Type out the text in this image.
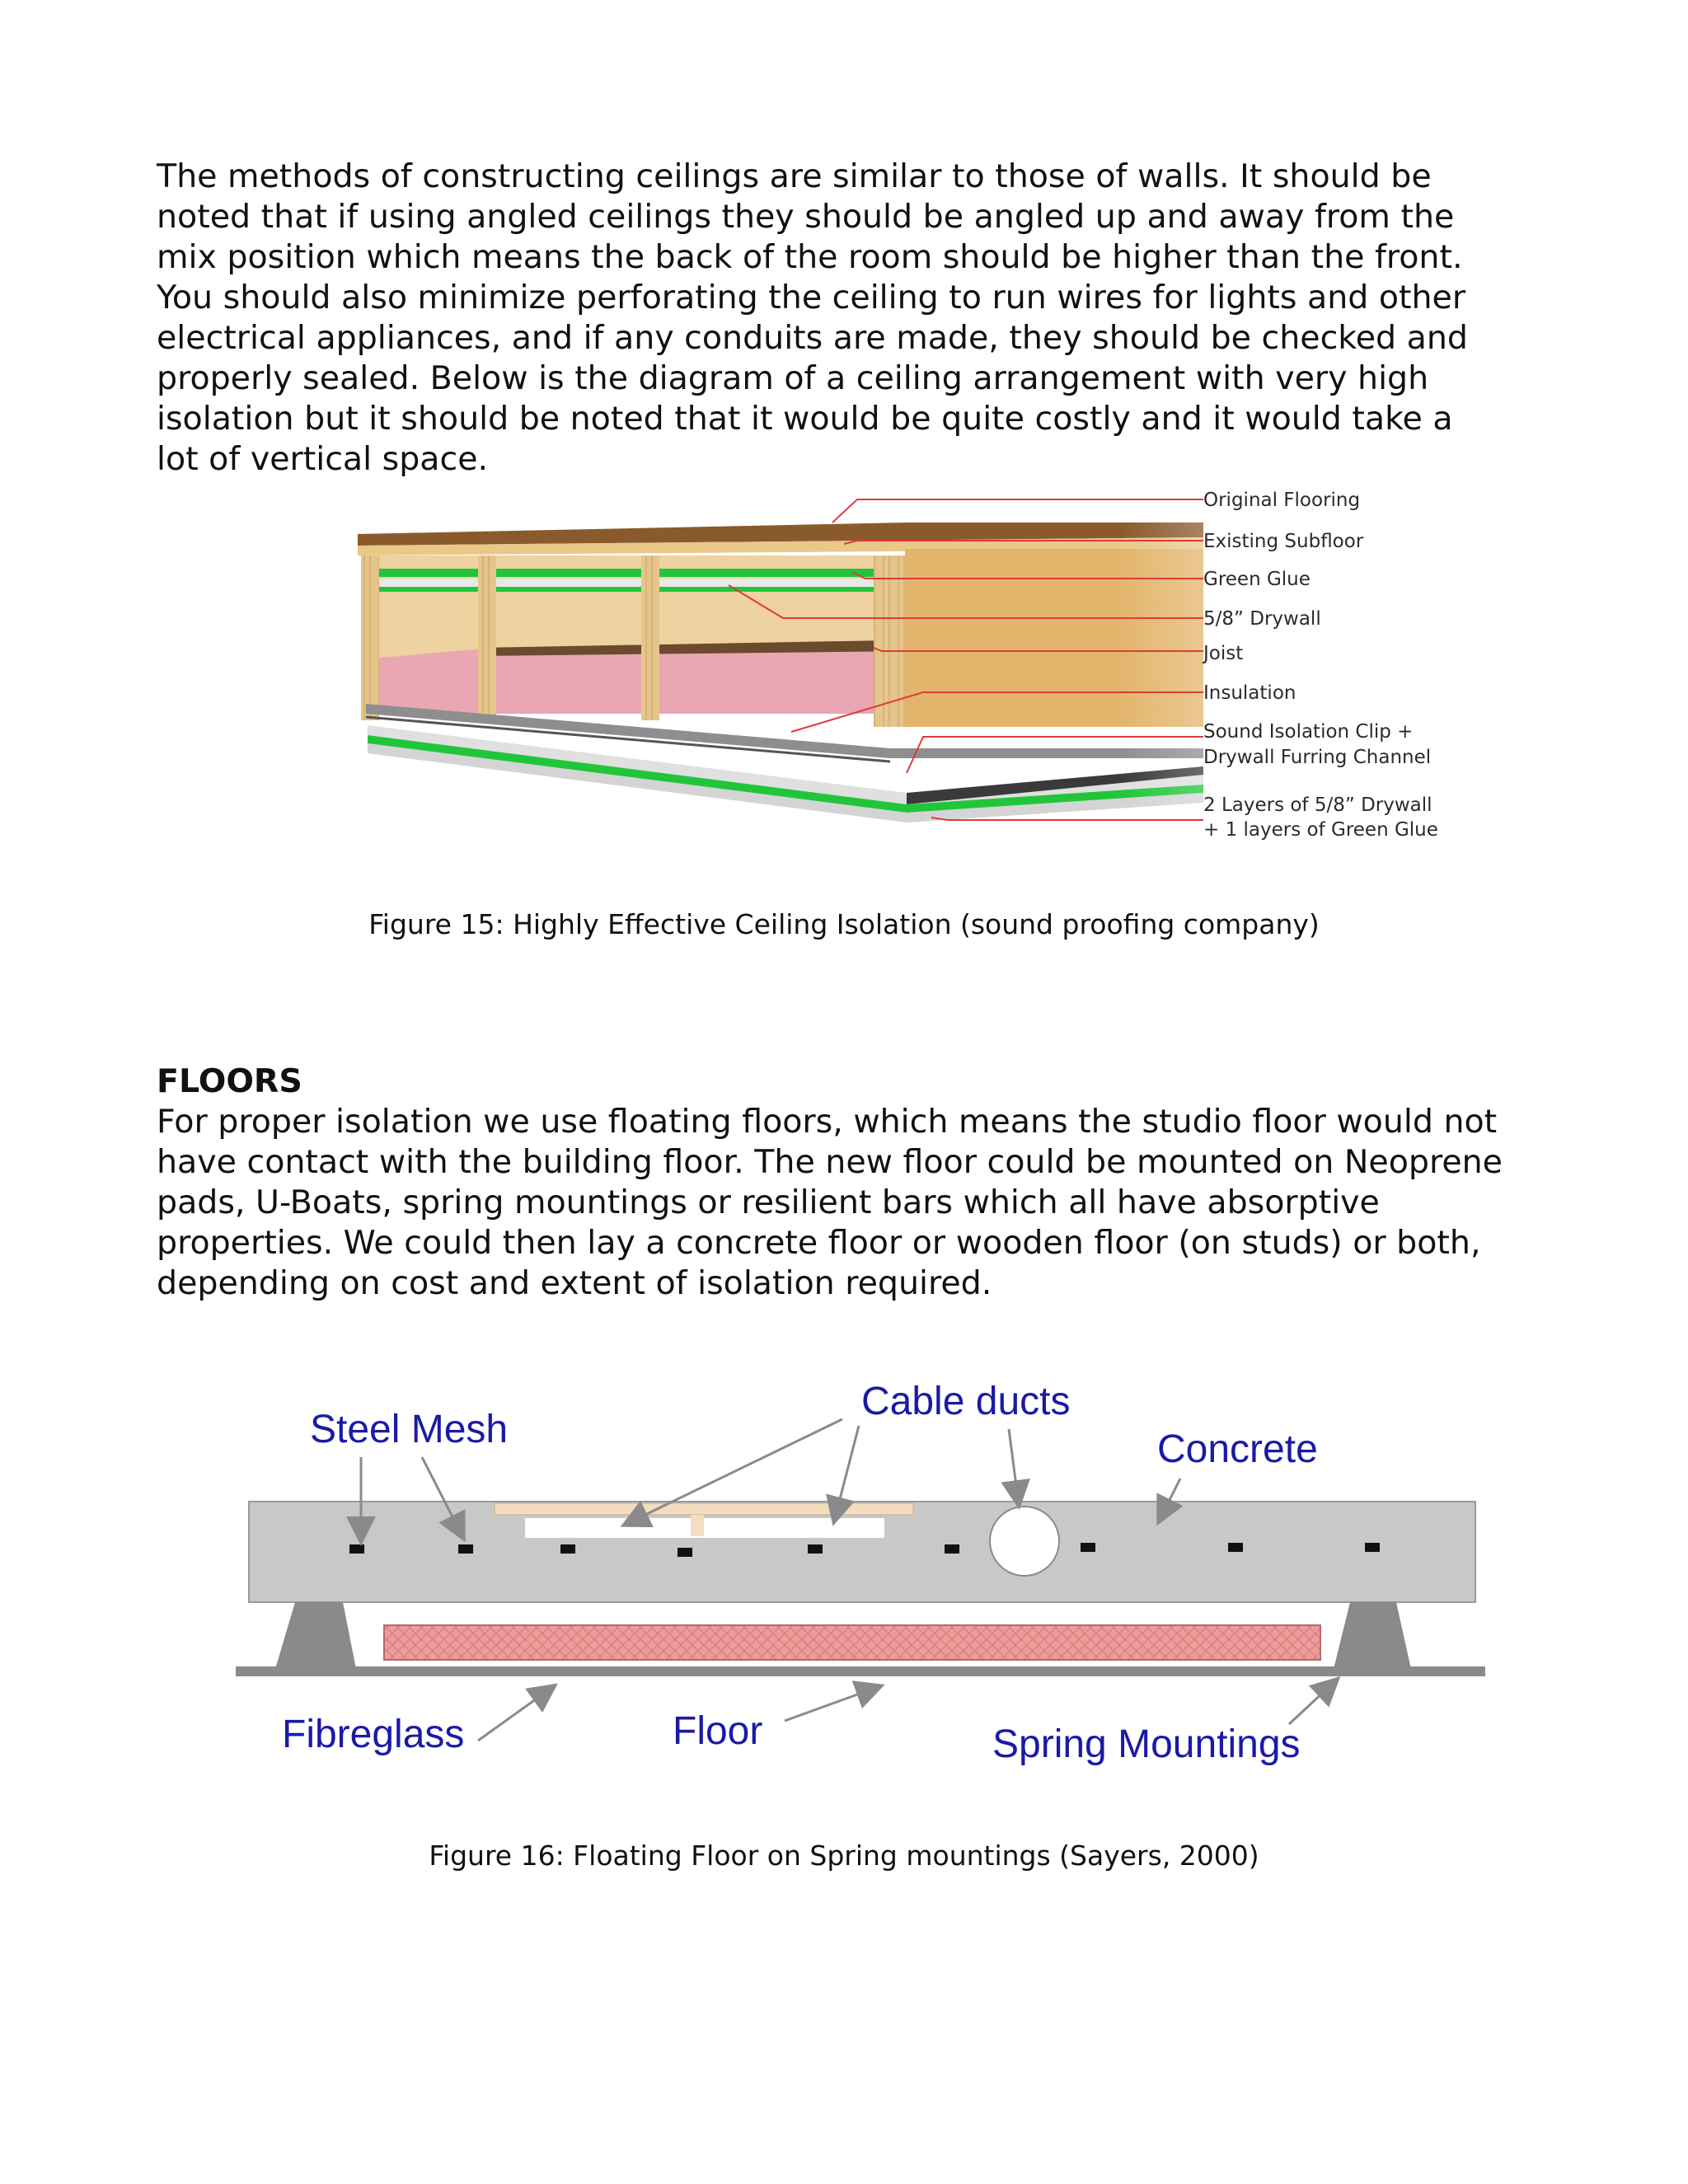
The methods of constructing ceilings are similar to those of walls. It should be
noted that if using angled ceilings they should be angled up and away from the
mix position which means the back of the room should be higher than the front.
You should also minimize perforating the ceiling to run wires for lights and other
electrical appliances, and if any conduits are made, they should be checked and
properly sealed. Below is the diagram of a ceiling arrangement with very high
isolation but it should be noted that it would be quite costly and it would take a
lot of vertical space.

Original Flooring
Existing Subfloor
Green Glue
5/8” Drywall
Joist
Insulation
Sound Isolation Clip +
Drywall Furring Channel
2 Layers of 5/8” Drywall
+ 1 layers of Green Glue

Figure 15: Highly Effective Ceiling Isolation (sound proofing company)

FLOORS

For proper isolation we use floating floors, which means the studio floor would not
have contact with the building floor. The new floor could be mounted on Neoprene
pads, U-Boats, spring mountings or resilient bars which all have absorptive
properties. We could then lay a concrete floor or wooden floor (on studs) or both,
depending on cost and extent of isolation required.

Steel Mesh
Cable ducts
Concrete
Fibreglass	Floor	Spring Mountings

Figure 16: Floating Floor on Spring mountings (Sayers, 2000)
